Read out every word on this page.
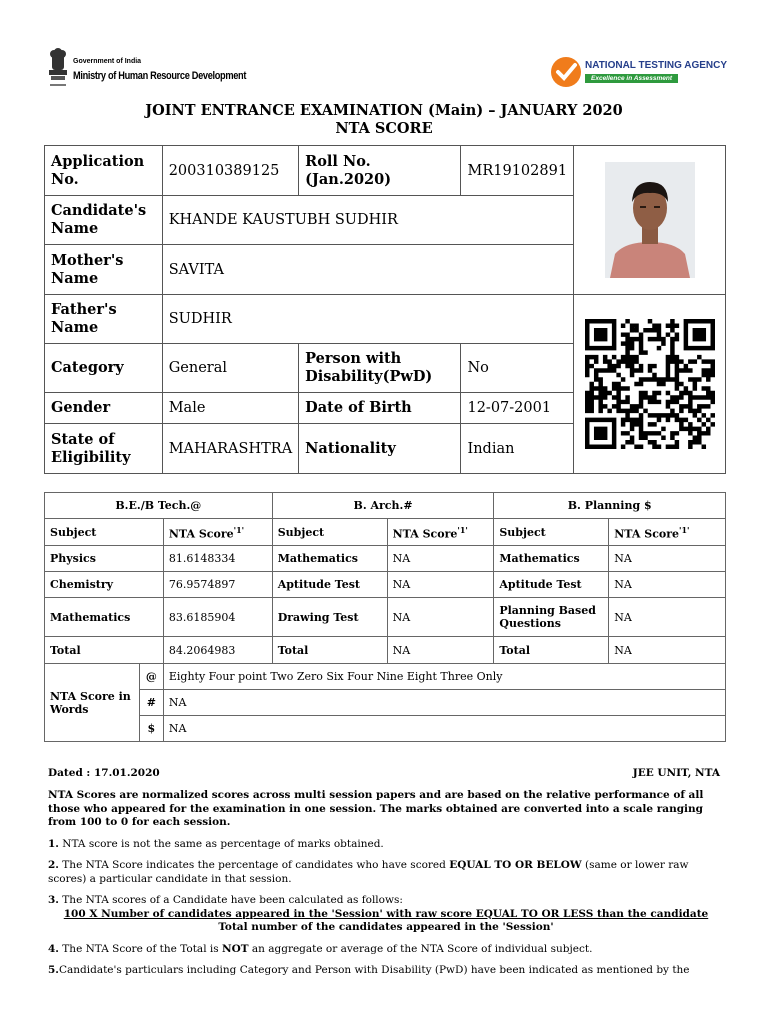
Government of India
Ministry of Human Resource Development
NATIONAL TESTING AGENCY
Excellence in Assessment
JOINT ENTRANCE EXAMINATION (Main) – JANUARY 2020
NTA SCORE
Application No.	200310389125	Roll No. (Jan.2020)	MR19102891	

Candidate's Name	KHANDE KAUSTUBH SUDHIR			
Mother's Name	SAVITA			
Father's Name	SUDHIR	

Category	General	Person with Disability(PwD)	No	
Gender	Male	Date of Birth	12-07-2001	
State of Eligibility	MAHARASHTRA	Nationality	Indian	
B.E./B Tech.@			B. Arch.#		B. Planning $	
Subject		NTA Score$^{'1'}$	Subject	NTA Score$^{'1'}$	Subject	NTA Score$^{'1'}$
Physics		81.6148334	Mathematics	NA	Mathematics	NA
Chemistry		76.9574897	Aptitude Test	NA	Aptitude Test	NA
Mathematics		83.6185904	Drawing Test	NA	Planning Based Questions	NA
Total		84.2064983	Total	NA	Total	NA
NTA Score in Words	@	Eighty Four point Two Zero Six Four Nine Eight Three Only				
	#	NA				
	$	NA				
Dated : 17.01.2020	JEE UNIT, NTA

NTA Scores are normalized scores across multi session papers and are based on the relative performance of all those who appeared for the examination in one session. The marks obtained are converted into a scale ranging from 100 to 0 for each session.

1. NTA score is not the same as percentage of marks obtained.

2. The NTA Score indicates the percentage of candidates who have scored EQUAL TO OR BELOW (same or lower raw scores) a particular candidate in that session.

3. The NTA scores of a Candidate have been calculated as follows:

100 X Number of candidates appeared in the 'Session' with raw score EQUAL TO OR LESS than the candidate

Total number of the candidates appeared in the 'Session'

4. The NTA Score of the Total is NOT an aggregate or average of the NTA Score of individual subject.

5.Candidate's particulars including Category and Person with Disability (PwD) have been indicated as mentioned by the
